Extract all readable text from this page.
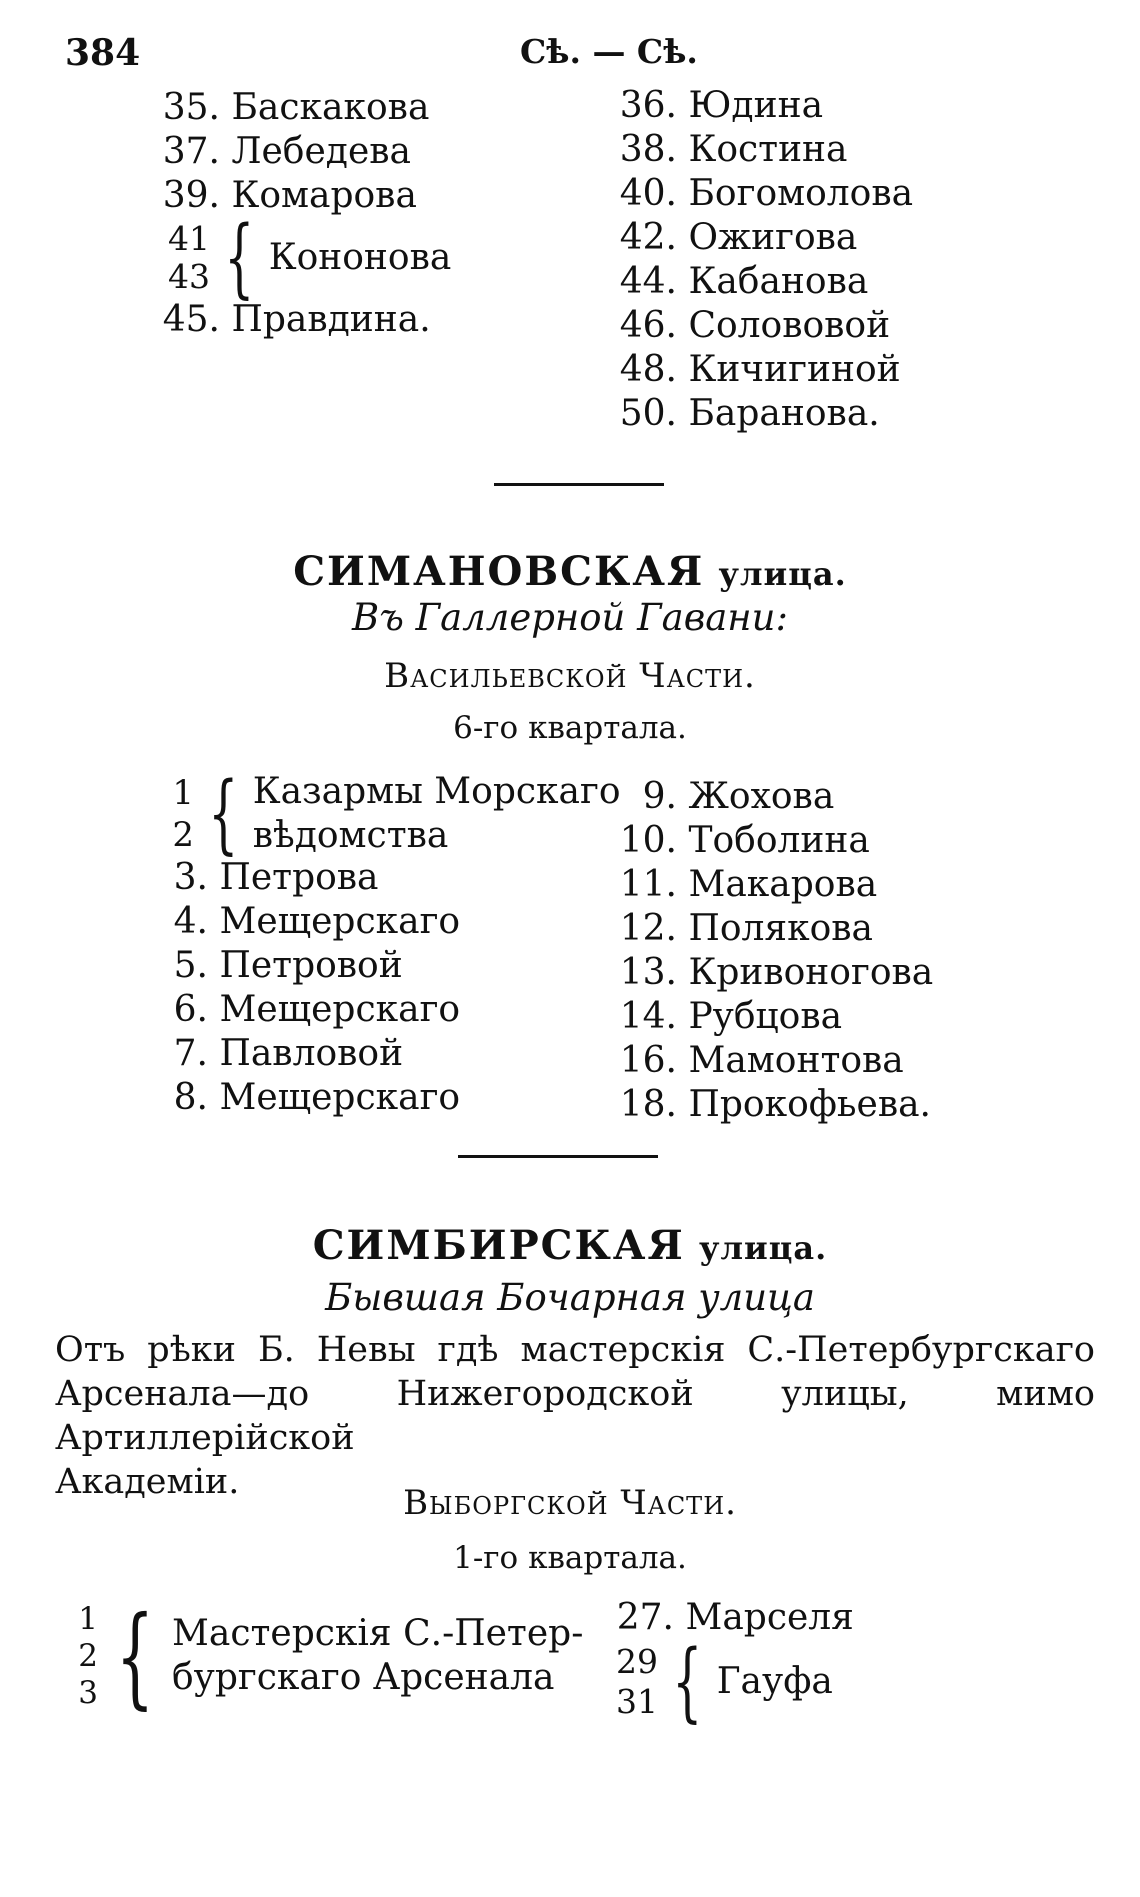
384	Сѣ. — Сѣ.
35. Баскакова
37. Лебедева
39. Комарова
41
43 { Кононова
45. Правдина.
36. Юдина
38. Костина
40. Богомолова
42. Ожигова
44. Кабанова
46. Солововой
48. Кичигиной
50. Баранова.
СИМАНОВСКАЯ улица.
Въ Галлерной Гавани:
Васильевской Части.
6-го квартала.
1
2 { Казармы Морскаго
вѣдомства
3. Петрова
4. Мещерскаго
5. Петровой
6. Мещерскаго
7. Павловой
8. Мещерскаго
9. Жохова
10. Тоболина
11. Макарова
12. Полякова
13. Кривоногова
14. Рубцова
16. Мамонтова
18. Прокофьева.
СИМБИРСКАЯ улица.
Бывшая Бочарная улица
Отъ рѣки Б. Невы гдѣ мастерскія С.-Петербургскаго
Арсенала—до Нижегородской улицы, мимо Артиллерійской
Академіи.
Выборгской Части.
1-го квартала.
1
2
3 { Мастерскія С.-Петер-
бургскаго Арсенала
27. Марселя
29
31 { Гауфа
